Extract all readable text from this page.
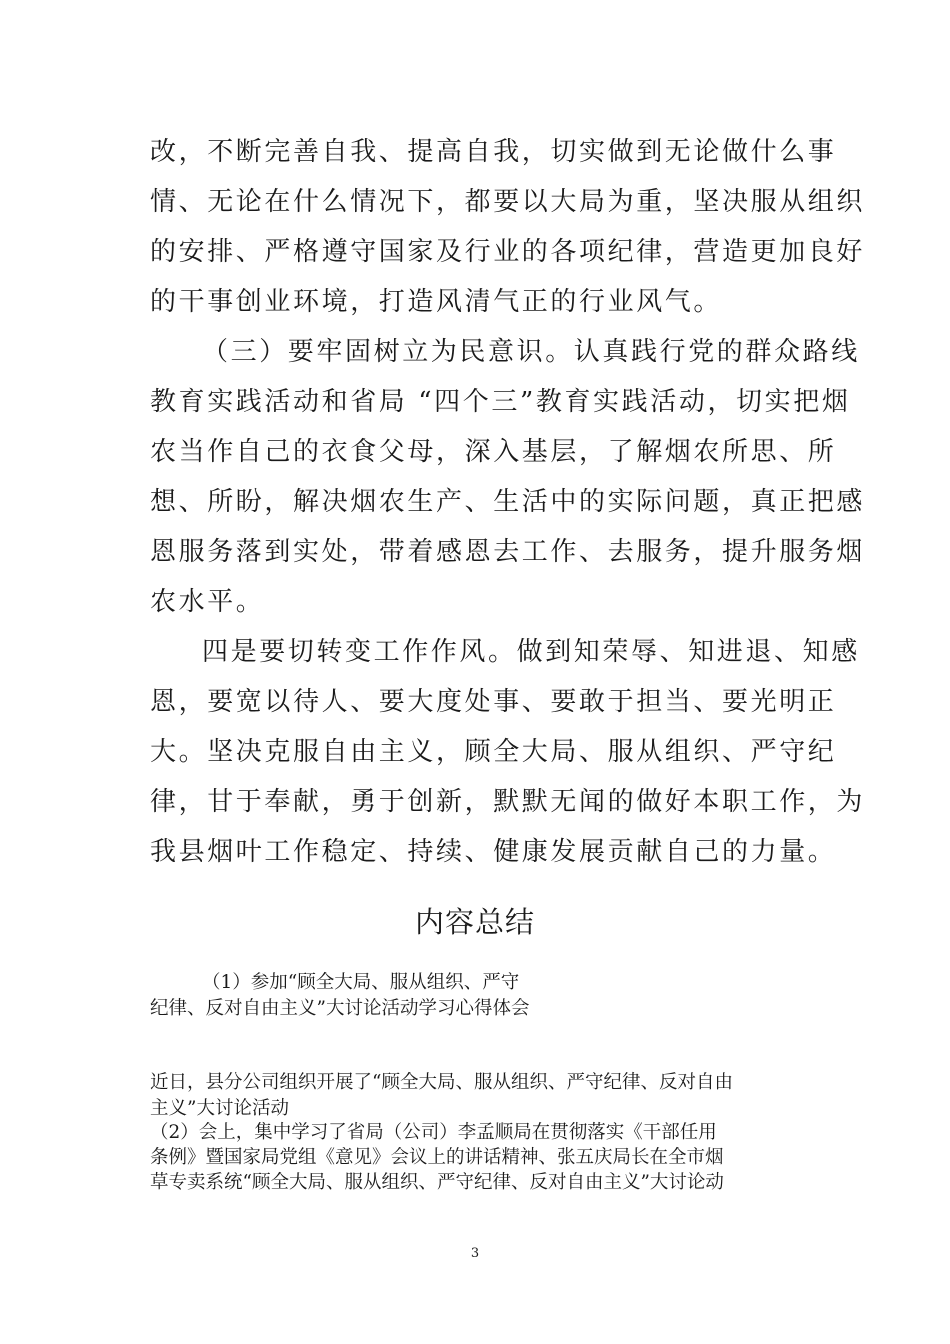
改，不断完善自我、提高自我，切实做到无论做什么事
情、无论在什么情况下，都要以大局为重，坚决服从组织
的安排、严格遵守国家及行业的各项纪律，营造更加良好
的干事创业环境，打造风清气正的行业风气。
（三）要牢固树立为民意识。认真践行党的群众路线
教育实践活动和省局 “四个三”教育实践活动，切实把烟
农当作自己的衣食父母，深入基层，了解烟农所思、所
想、所盼，解决烟农生产、生活中的实际问题，真正把感
恩服务落到实处，带着感恩去工作、去服务，提升服务烟
农水平。
四是要切转变工作作风。做到知荣辱、知进退、知感
恩，要宽以待人、要大度处事、要敢于担当、要光明正
大。坚决克服自由主义，顾全大局、服从组织、严守纪
律，甘于奉献，勇于创新，默默无闻的做好本职工作，为
我县烟叶工作稳定、持续、健康发展贡献自己的力量。
内容总结
（1）参加“顾全大局、服从组织、严守
纪律、反对自由主义”大讨论活动学习心得体会
近日，县分公司组织开展了“顾全大局、服从组织、严守纪律、反对自由
主义”大讨论活动
（2）会上，集中学习了省局（公司）李孟顺局在贯彻落实《干部任用
条例》暨国家局党组《意见》会议上的讲话精神、张五庆局长在全市烟
草专卖系统“顾全大局、服从组织、严守纪律、反对自由主义”大讨论动
3
